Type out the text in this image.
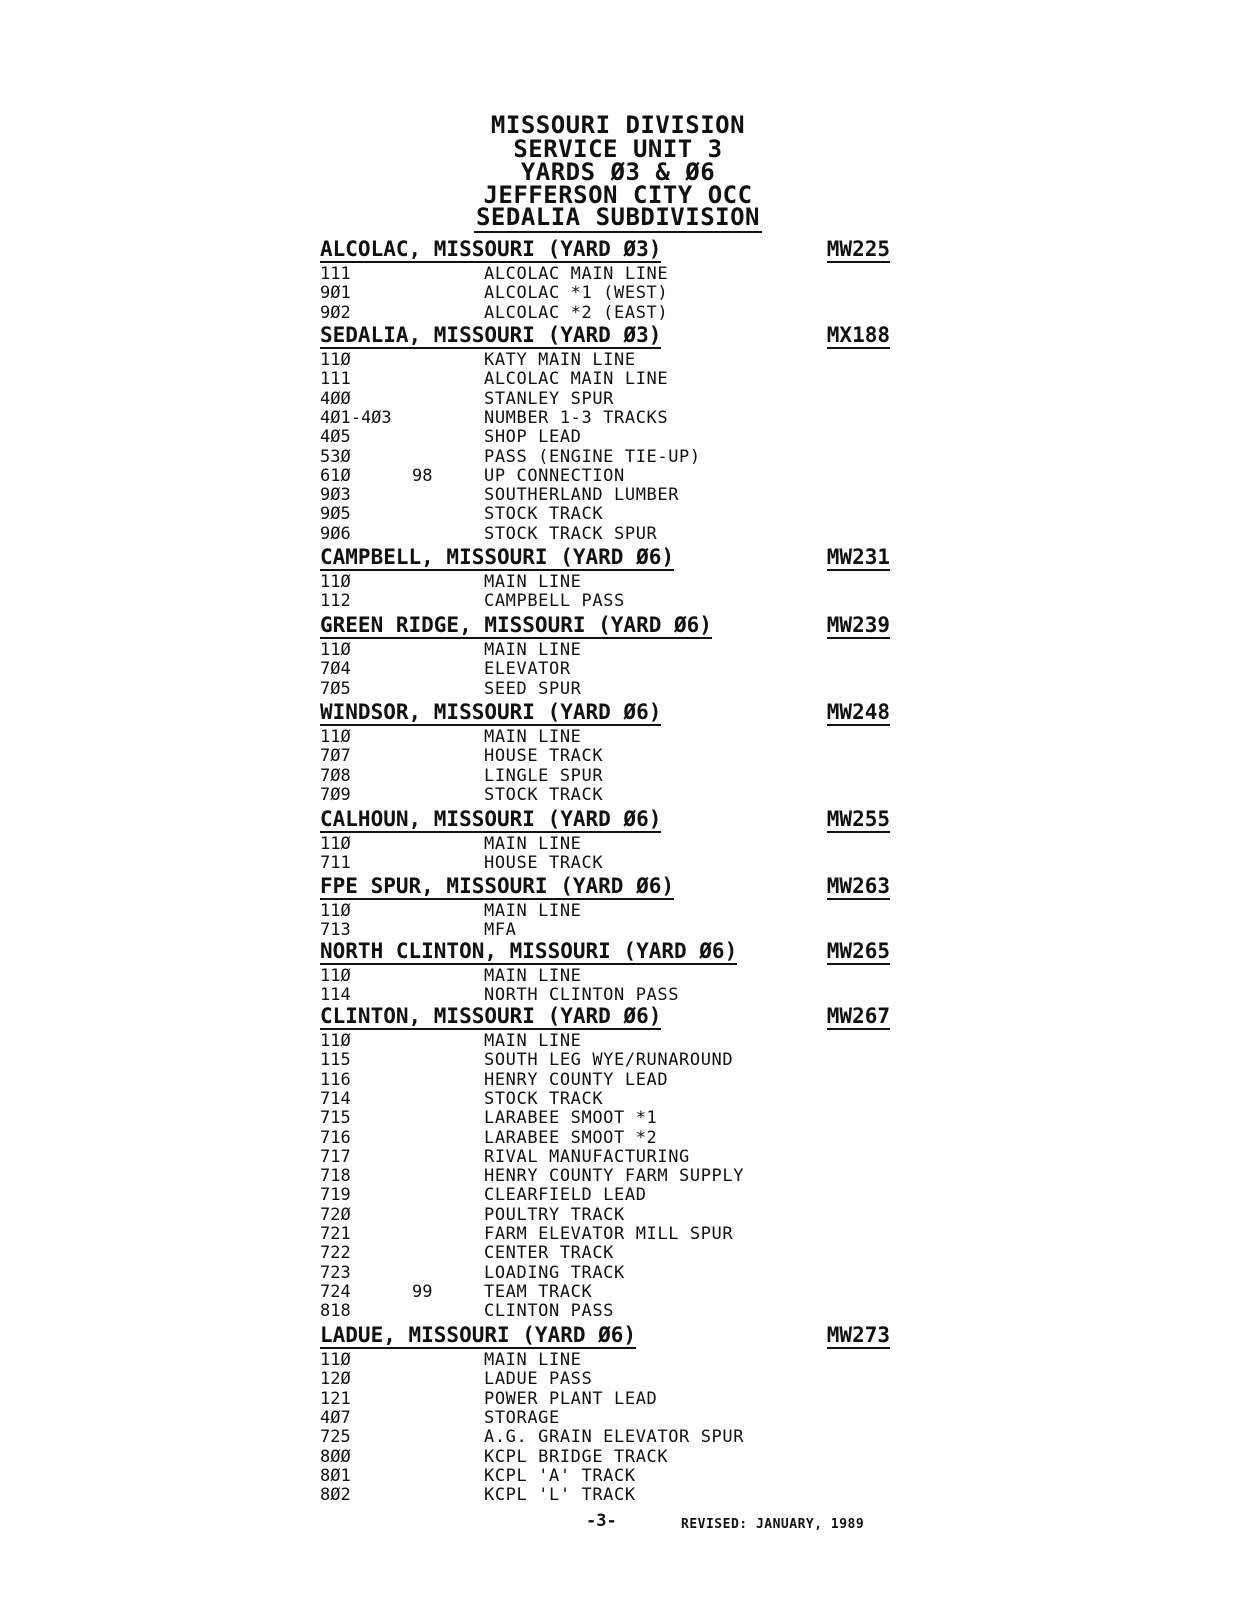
MISSOURI DIVISION
SERVICE UNIT 3
YARDS Ø3 & Ø6
JEFFERSON CITY OCC
SEDALIA SUBDIVISION
ALCOLAC, MISSOURI (YARD Ø3)	MW225
111	ALCOLAC MAIN LINE
9Ø1	ALCOLAC *1 (WEST)
9Ø2	ALCOLAC *2 (EAST)
SEDALIA, MISSOURI (YARD Ø3)	MX188
11Ø	KATY MAIN LINE
111	ALCOLAC MAIN LINE
4ØØ	STANLEY SPUR
4Ø1-4Ø3	NUMBER 1-3 TRACKS
4Ø5	SHOP LEAD
53Ø	PASS (ENGINE TIE-UP)
61Ø	98	UP CONNECTION
9Ø3	SOUTHERLAND LUMBER
9Ø5	STOCK TRACK
9Ø6	STOCK TRACK SPUR
CAMPBELL, MISSOURI (YARD Ø6)	MW231
11Ø	MAIN LINE
112	CAMPBELL PASS
GREEN RIDGE, MISSOURI (YARD Ø6)	MW239
11Ø	MAIN LINE
7Ø4	ELEVATOR
7Ø5	SEED SPUR
WINDSOR, MISSOURI (YARD Ø6)	MW248
11Ø	MAIN LINE
7Ø7	HOUSE TRACK
7Ø8	LINGLE SPUR
7Ø9	STOCK TRACK
CALHOUN, MISSOURI (YARD Ø6)	MW255
11Ø	MAIN LINE
711	HOUSE TRACK
FPE SPUR, MISSOURI (YARD Ø6)	MW263
11Ø	MAIN LINE
713	MFA
NORTH CLINTON, MISSOURI (YARD Ø6)	MW265
11Ø	MAIN LINE
114	NORTH CLINTON PASS
CLINTON, MISSOURI (YARD Ø6)	MW267
11Ø	MAIN LINE
115	SOUTH LEG WYE/RUNAROUND
116	HENRY COUNTY LEAD
714	STOCK TRACK
715	LARABEE SMOOT *1
716	LARABEE SMOOT *2
717	RIVAL MANUFACTURING
718	HENRY COUNTY FARM SUPPLY
719	CLEARFIELD LEAD
72Ø	POULTRY TRACK
721	FARM ELEVATOR MILL SPUR
722	CENTER TRACK
723	LOADING TRACK
724	99	TEAM TRACK
818	CLINTON PASS
LADUE, MISSOURI (YARD Ø6)	MW273
11Ø	MAIN LINE
12Ø	LADUE PASS
121	POWER PLANT LEAD
4Ø7	STORAGE
725	A.G. GRAIN ELEVATOR SPUR
8ØØ	KCPL BRIDGE TRACK
8Ø1	KCPL 'A' TRACK
8Ø2	KCPL 'L' TRACK
-3-	REVISED: JANUARY, 1989
